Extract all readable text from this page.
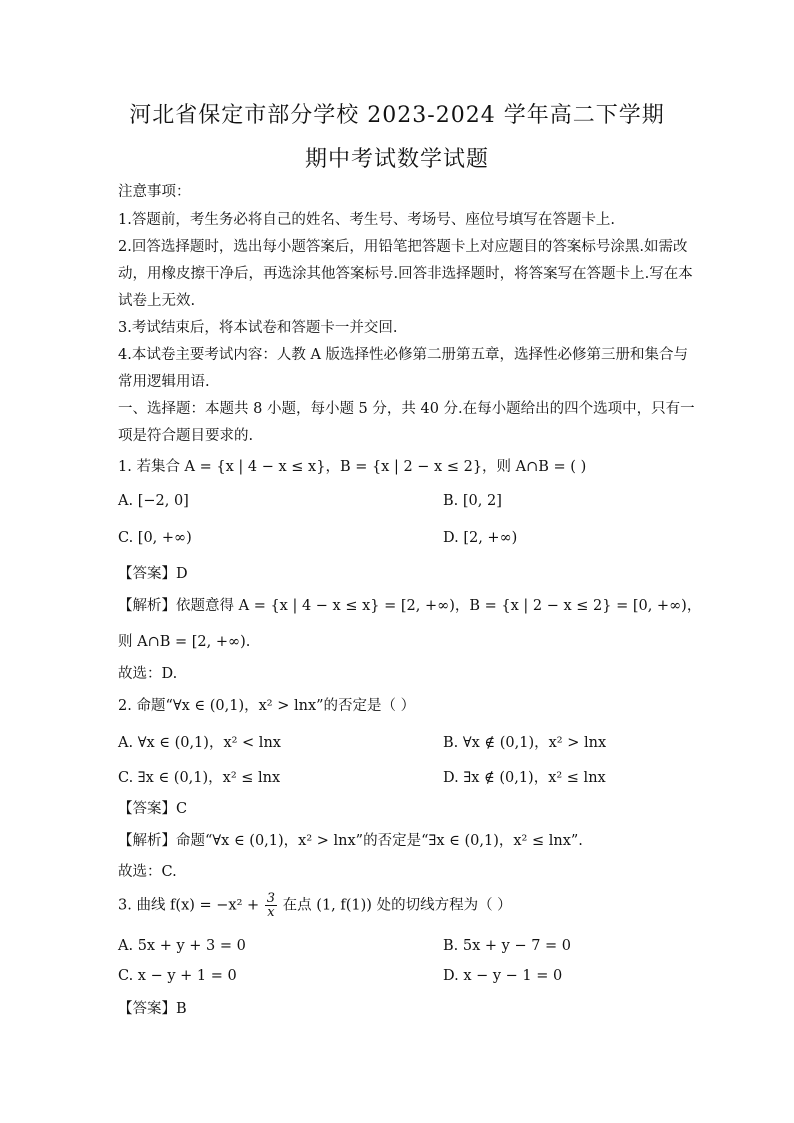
河北省保定市部分学校 2023-2024 学年高二下学期
期中考试数学试题
注意事项：
1.答题前，考生务必将自己的姓名、考生号、考场号、座位号填写在答题卡上.
2.回答选择题时，选出每小题答案后，用铅笔把答题卡上对应题目的答案标号涂黑.如需改
动，用橡皮擦干净后，再选涂其他答案标号.回答非选择题时，将答案写在答题卡上.写在本
试卷上无效.
3.考试结束后，将本试卷和答题卡一并交回.
4.本试卷主要考试内容：人教 A 版选择性必修第二册第五章，选择性必修第三册和集合与
常用逻辑用语.
一、选择题：本题共 8 小题，每小题 5 分，共 40 分.在每小题给出的四个选项中，只有一
项是符合题目要求的.
1. 若集合 A = {x | 4 − x ≤ x}，B = {x | 2 − x ≤ 2}，则 A∩B = ( )
A. [−2, 0]	B. [0, 2]
C. [0, +∞)	D. [2, +∞)
【答案】D
【解析】依题意得 A = {x | 4 − x ≤ x} = [2, +∞)，B = {x | 2 − x ≤ 2} = [0, +∞)，
则 A∩B = [2, +∞).
故选：D.
2. 命题“∀x ∈ (0,1)，x² > lnx”的否定是（ ）
A. ∀x ∈ (0,1)，x² < lnx	B. ∀x ∉ (0,1)，x² > lnx
C. ∃x ∈ (0,1)，x² ≤ lnx	D. ∃x ∉ (0,1)，x² ≤ lnx
【答案】C
【解析】命题“∀x ∈ (0,1)，x² > lnx”的否定是“∃x ∈ (0,1)，x² ≤ lnx”.
故选：C.
3. 曲线 $f(x) = -x^2 + \frac{3}{x}$ 在点 (1, f(1)) 处的切线方程为（ ）
A. 5x + y + 3 = 0	B. 5x + y − 7 = 0
C. x − y + 1 = 0	D. x − y − 1 = 0
【答案】B
